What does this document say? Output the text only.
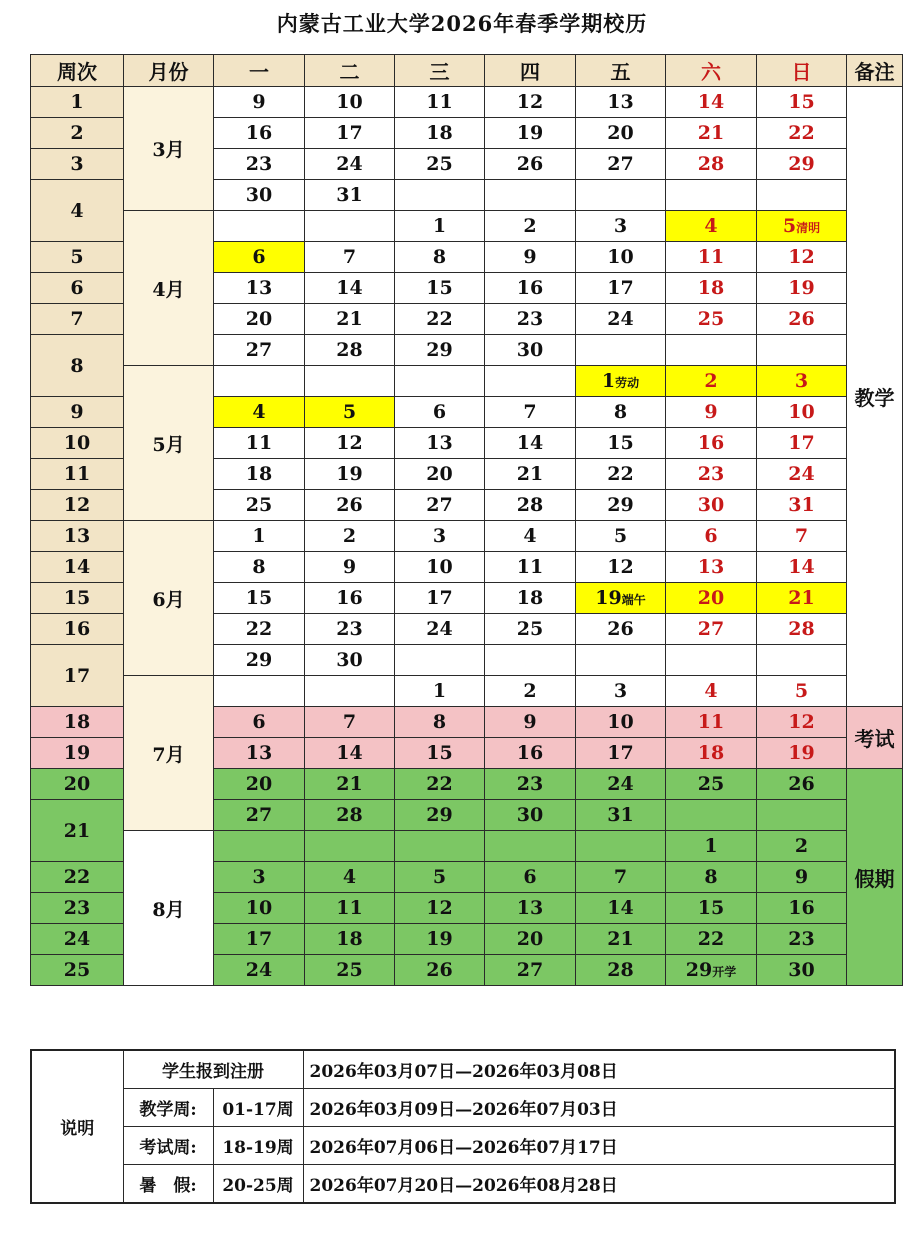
内蒙古工业大学2026年春季学期校历
周次	月份	一	二	三	四	五	六	日	备注
1	3月	9	10	11	12	13	14	15	教学
2		16	17	18	19	20	21	22	
3		23	24	25	26	27	28	29	
4		30	31						
	4月			1	2	3	4	5清明	
5		6	7	8	9	10	11	12	
6		13	14	15	16	17	18	19	
7		20	21	22	23	24	25	26	
8		27	28	29	30				
	5月					1劳动	2	3	
9		4	5	6	7	8	9	10	
10		11	12	13	14	15	16	17	
11		18	19	20	21	22	23	24	
12		25	26	27	28	29	30	31	
13	6月	1	2	3	4	5	6	7	
14		8	9	10	11	12	13	14	
15		15	16	17	18	19端午	20	21	
16		22	23	24	25	26	27	28	
17		29	30						
	7月			1	2	3	4	5	
18		6	7	8	9	10	11	12	考试
19		13	14	15	16	17	18	19	
20		20	21	22	23	24	25	26	假期
21		27	28	29	30	31			
	8月						1	2	
22		3	4	5	6	7	8	9	
23		10	11	12	13	14	15	16	
24		17	18	19	20	21	22	23	
25		24	25	26	27	28	29开学	30	
说明	学生报到注册		2026年03月07日—2026年03月08日
	教学周:	01-17周	2026年03月09日—2026年07月03日
	考试周:	18-19周	2026年07月06日—2026年07月17日
	暑　假:	20-25周	2026年07月20日—2026年08月28日
